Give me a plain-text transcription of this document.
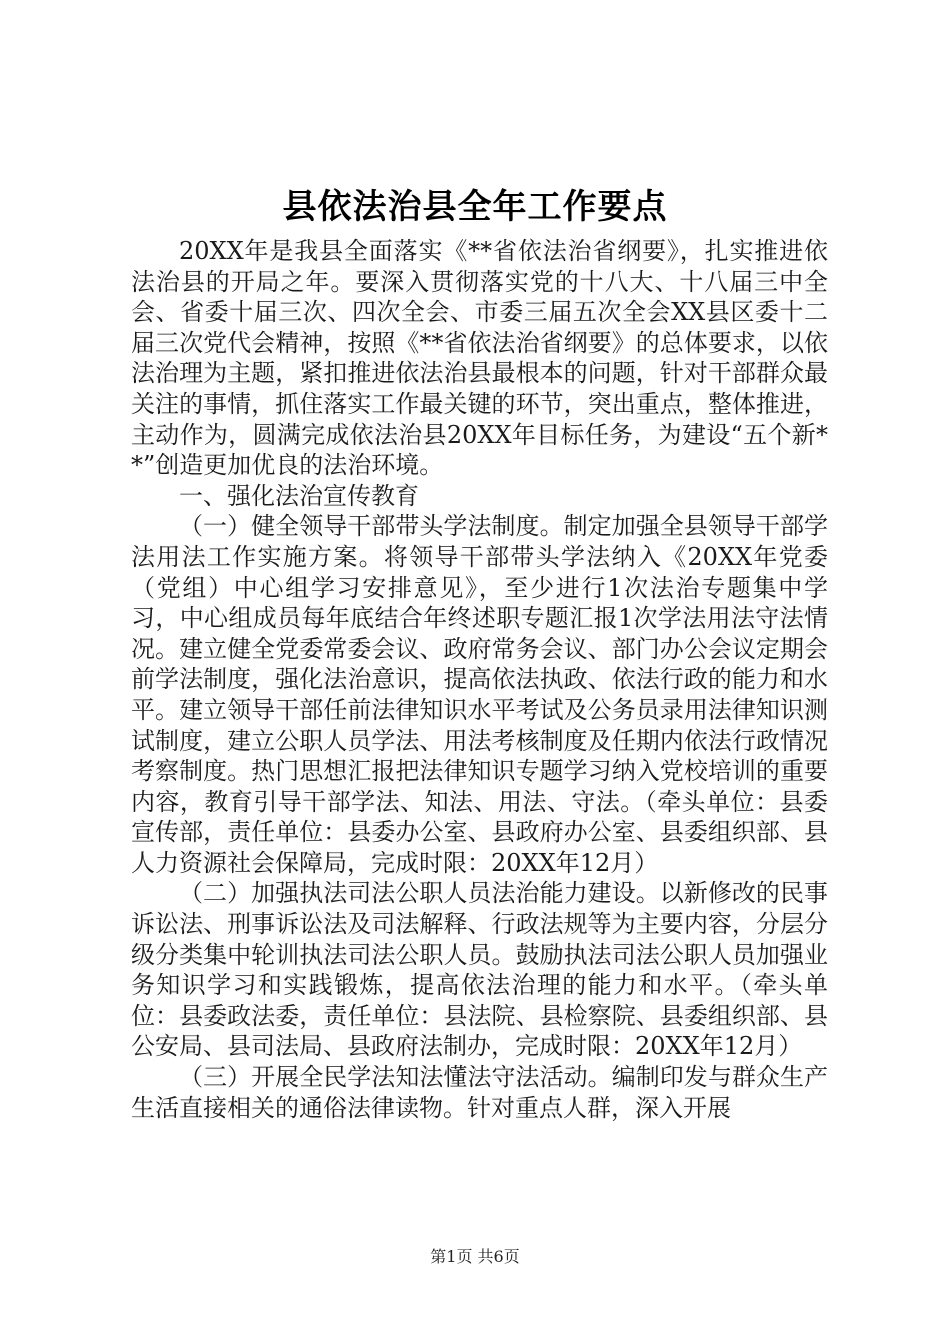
县依法治县全年工作要点

20XX年是我县全面落实《**省依法治省纲要》，扎实推进依法治县的开局之年。要深入贯彻落实党的十八大、十八届三中全会、省委十届三次、四次全会、市委三届五次全会XX县区委十二届三次党代会精神，按照《**省依法治省纲要》的总体要求，以依法治理为主题，紧扣推进依法治县最根本的问题，针对干部群众最关注的事情，抓住落实工作最关键的环节，突出重点，整体推进，主动作为，圆满完成依法治县20XX年目标任务，为建设“五个新**”创造更加优良的法治环境。

一、强化法治宣传教育

（一）健全领导干部带头学法制度。制定加强全县领导干部学法用法工作实施方案。将领导干部带头学法纳入《20XX年党委（党组）中心组学习安排意见》，至少进行1次法治专题集中学习，中心组成员每年底结合年终述职专题汇报1次学法用法守法情况。建立健全党委常委会议、政府常务会议、部门办公会议定期会前学法制度，强化法治意识，提高依法执政、依法行政的能力和水平。建立领导干部任前法律知识水平考试及公务员录用法律知识测试制度，建立公职人员学法、用法考核制度及任期内依法行政情况考察制度。热门思想汇报把法律知识专题学习纳入党校培训的重要内容，教育引导干部学法、知法、用法、守法。（牵头单位：县委宣传部，责任单位：县委办公室、县政府办公室、县委组织部、县人力资源社会保障局，完成时限：20XX年12月）

（二）加强执法司法公职人员法治能力建设。以新修改的民事诉讼法、刑事诉讼法及司法解释、行政法规等为主要内容，分层分级分类集中轮训执法司法公职人员。鼓励执法司法公职人员加强业务知识学习和实践锻炼，提高依法治理的能力和水平。（牵头单位：县委政法委，责任单位：县法院、县检察院、县委组织部、县公安局、县司法局、县政府法制办，完成时限：20XX年12月）

（三）开展全民学法知法懂法守法活动。编制印发与群众生产生活直接相关的通俗法律读物。针对重点人群，深入开展

第1页 共6页
